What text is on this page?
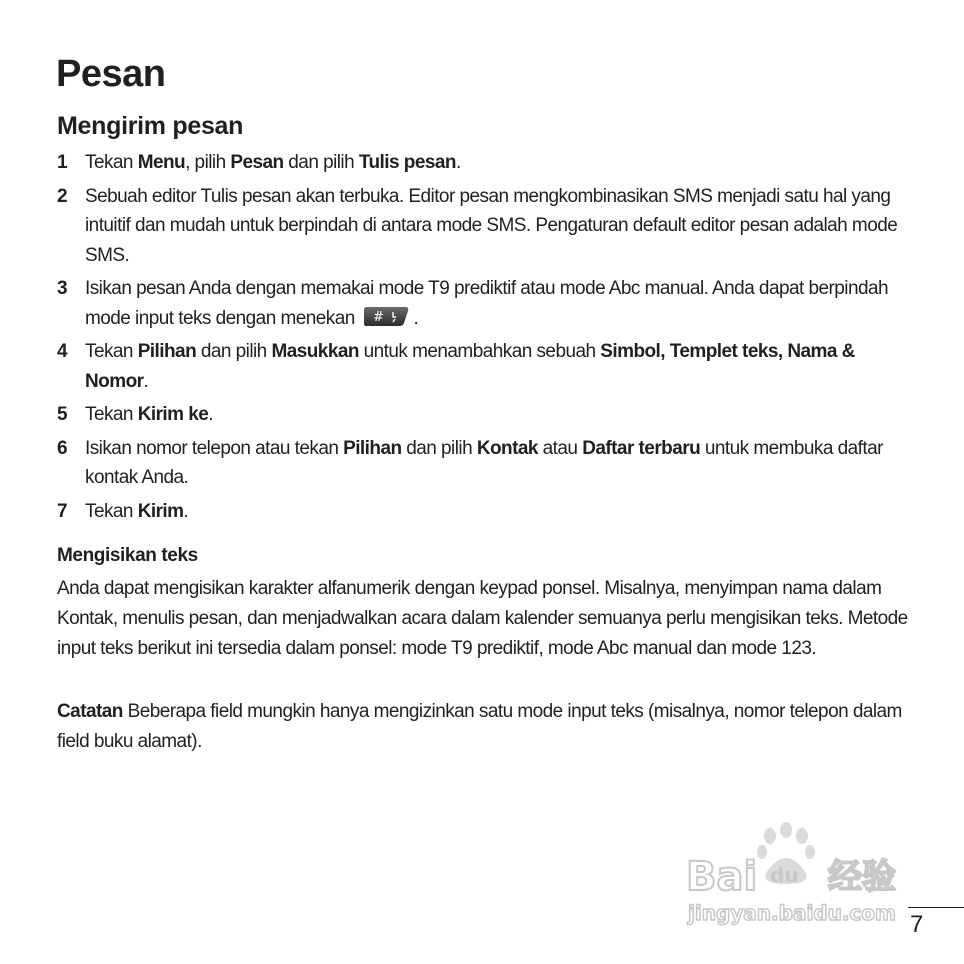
Pesan
Mengirim pesan
1 Tekan Menu, pilih Pesan dan pilih Tulis pesan.
2 Sebuah editor Tulis pesan akan terbuka. Editor pesan mengkombinasikan SMS menjadi satu hal yang intuitif dan mudah untuk berpindah di antara mode SMS. Pengaturan default editor pesan adalah mode SMS.
3 Isikan pesan Anda dengan memakai mode T9 prediktif atau mode Abc manual. Anda dapat berpindah mode input teks dengan menekan # .
4 Tekan Pilihan dan pilih Masukkan untuk menambahkan sebuah Simbol, Templet teks, Nama & Nomor.
5 Tekan Kirim ke.
6 Isikan nomor telepon atau tekan Pilihan dan pilih Kontak atau Daftar terbaru untuk membuka daftar kontak Anda.
7 Tekan Kirim.
Mengisikan teks

Anda dapat mengisikan karakter alfanumerik dengan keypad ponsel. Misalnya, menyimpan nama dalam Kontak, menulis pesan, dan menjadwalkan acara dalam kalender semuanya perlu mengisikan teks. Metode input teks berikut ini tersedia dalam ponsel: mode T9 prediktif, mode Abc manual dan mode 123.

Catatan Beberapa field mungkin hanya mengizinkan satu mode input teks (misalnya, nomor telepon dalam field buku alamat).

Bai du 经验
jingyan.baidu.com 7
